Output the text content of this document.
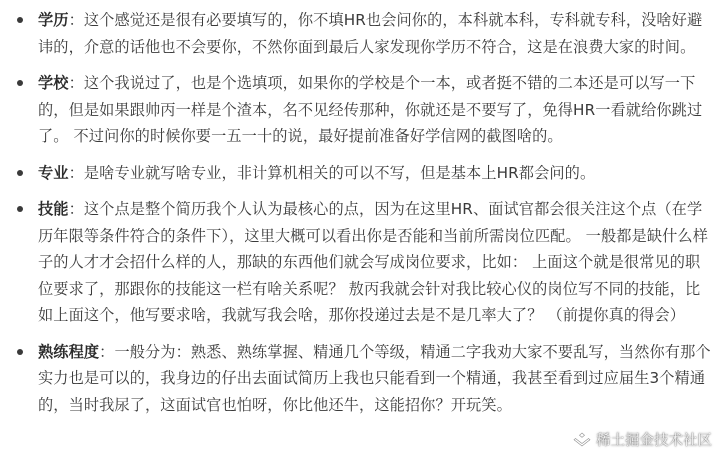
学历：这个感觉还是很有必要填写的，你不填HR也会问你的，本科就本科，专科就专科，没啥好避讳的，介意的话他也不会要你，不然你面到最后人家发现你学历不符合，这是在浪费大家的时间。
学校：这个我说过了，也是个选填项，如果你的学校是个一本，或者挺不错的二本还是可以写一下的，但是如果跟帅丙一样是个渣本，名不见经传那种，你就还是不要写了，免得HR一看就给你跳过了。 不过问你的时候你要一五一十的说，最好提前准备好学信网的截图啥的。
专业：是啥专业就写啥专业，非计算机相关的可以不写，但是基本上HR都会问的。
技能：这个点是整个简历我个人认为最核心的点，因为在这里HR、面试官都会很关注这个点（在学历年限等条件符合的条件下），这里大概可以看出你是否能和当前所需岗位匹配。 一般都是缺什么样子的人才才会招什么样的人，那缺的东西他们就会写成岗位要求，比如： 上面这个就是很常见的职位要求了，那跟你的技能这一栏有啥关系呢？ 敖丙我就会针对我比较心仪的岗位写不同的技能，比如上面这个，他写要求啥，我就写我会啥，那你投递过去是不是几率大了？ （前提你真的得会）
熟练程度：一般分为：熟悉、熟练掌握、精通几个等级，精通二字我劝大家不要乱写，当然你有那个实力也是可以的，我身边的仔出去面试简历上我也只能看到一个精通，我甚至看到过应届生3个精通的，当时我尿了，这面试官也怕呀，你比他还牛，这能招你？开玩笑。
稀土掘金技术社区
